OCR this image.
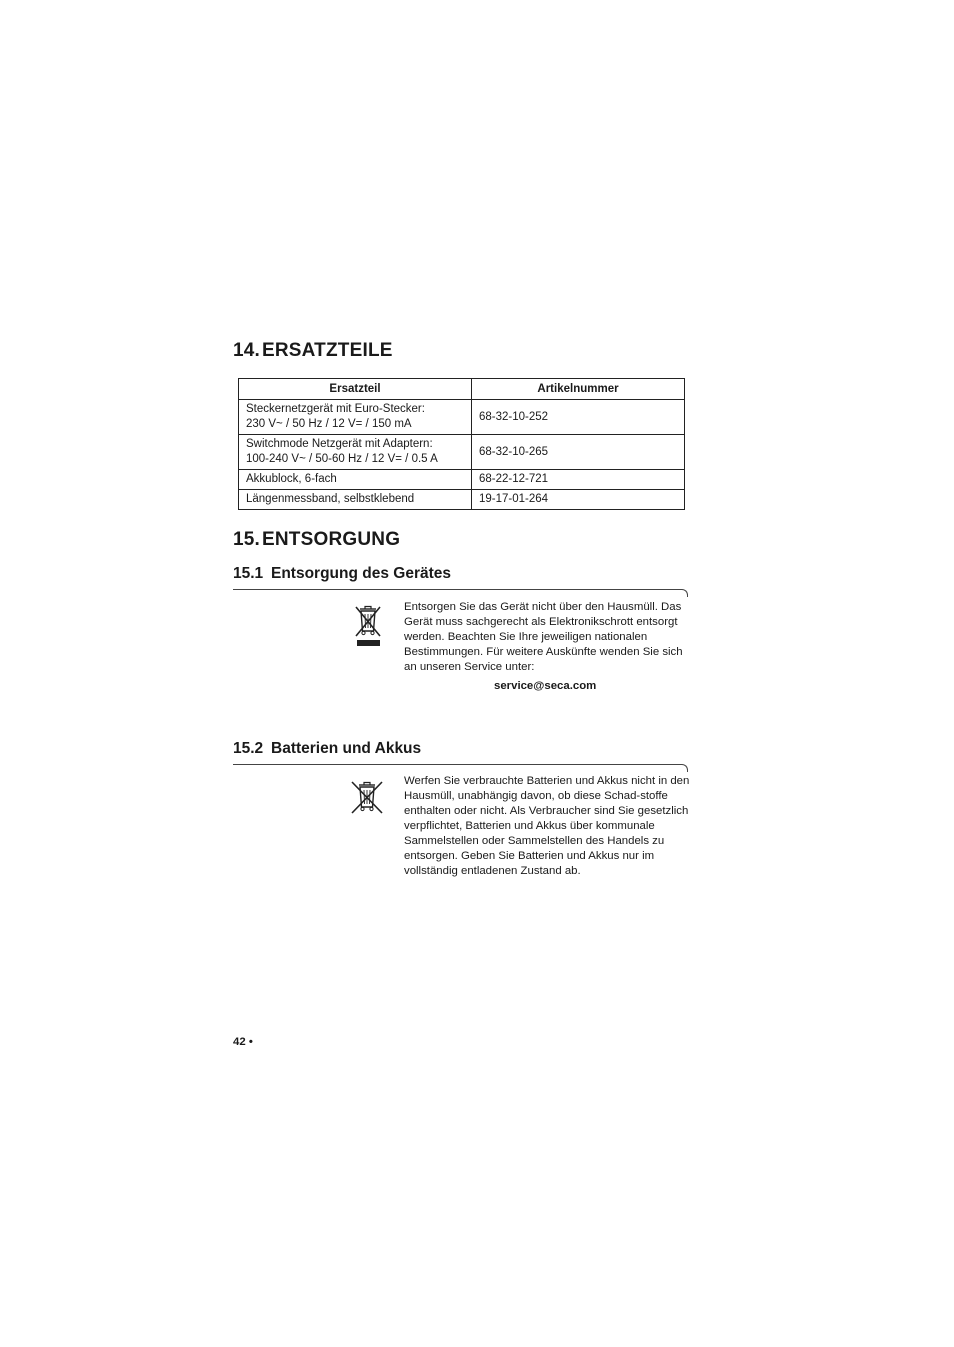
14. ERSATZTEILE
Ersatzteil	Artikelnummer
Steckernetzgerät mit Euro-Stecker:
230 V~ / 50 Hz / 12 V= / 150 mA	68-32-10-252
Switchmode Netzgerät mit Adaptern:
100-240 V~ / 50-60 Hz / 12 V= / 0.5 A	68-32-10-265
Akkublock, 6-fach	68-22-12-721
Längenmessband, selbstklebend	19-17-01-264
15. ENTSORGUNG
15.1 Entsorgung des Gerätes

Entsorgen Sie das Gerät nicht über den Hausmüll. Das Gerät muss sachgerecht als Elektronikschrott entsorgt werden. Beachten Sie Ihre jeweiligen nationalen Bestimmungen. Für weitere Auskünfte wenden Sie sich an unseren Service unter:

service@seca.com

15.2 Batterien und Akkus

Werfen Sie verbrauchte Batterien und Akkus nicht in den Hausmüll, unabhängig davon, ob diese Schad-stoffe enthalten oder nicht. Als Verbraucher sind Sie gesetzlich verpflichtet, Batterien und Akkus über kommunale Sammelstellen oder Sammelstellen des Handels zu entsorgen. Geben Sie Batterien und Akkus nur im vollständig entladenen Zustand ab.

42 •
